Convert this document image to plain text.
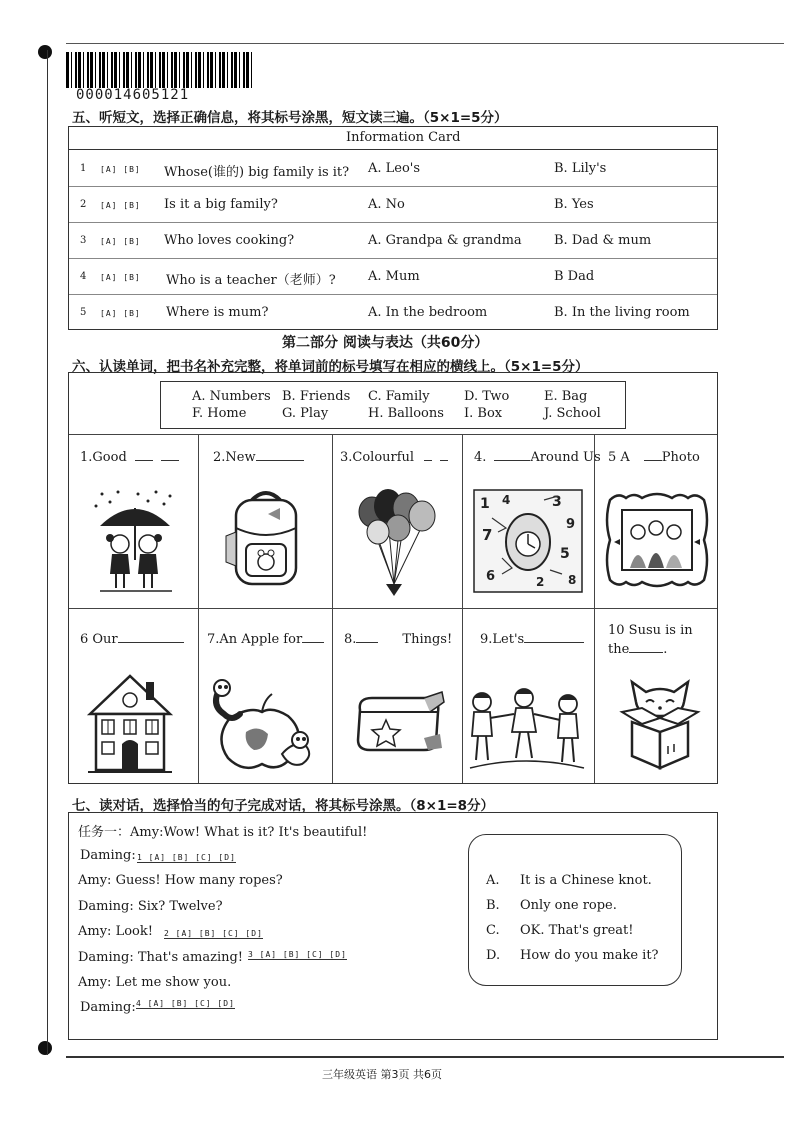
000014605121
五、听短文，选择正确信息，将其标号涂黑，短文读三遍。（5×1=5分）
Information Card
1 [A] [B] Whose(谁的) big family is it? A. Leo's	B. Lily's
2 [A] [B] Is it a big family?	A. No	B. Yes
3 [A] [B] Who loves cooking?	A. Grandpa & grandma B. Dad & mum
4 [A] [B] Who is a teacher（老师）? A. Mum	B Dad
5 [A] [B] Where is mum?	A. In the bedroom	B. In the living room
第二部分 阅读与表达（共60分）
六、认读单词，把书名补充完整，将单词前的标号填写在相应的横线上。（5×1=5分）
A. Numbers B. Friends C. Family	D. Two	E. Bag
F. Home	G. Play	H. Balloons I. Box	J. School
1.Good	2.New	3.Colourful	4.	Around Us 5 A Photo
6 Our	7.An Apple for	8.	Things! 9.Let's
10 Susu is in
the	.
1 4	3
9
7
5
6	2 8
七、读对话，选择恰当的句子完成对话，将其标号涂黑。（8×1=8分）
任务一：Amy:Wow! What is it? It's beautiful!
Daming: 1 [A] [B] [C] [D]
Amy: Guess! How many ropes?
Daming: Six? Twelve?
Amy: Look! 2 [A] [B] [C] [D]
Daming: That's amazing! 3 [A] [B] [C] [D]
Amy: Let me show you.
Daming: 4 [A] [B] [C] [D]
A. It is a Chinese knot.
B. Only one rope.
C. OK. That's great!
D. How do you make it?
三年级英语 第3页 共6页
